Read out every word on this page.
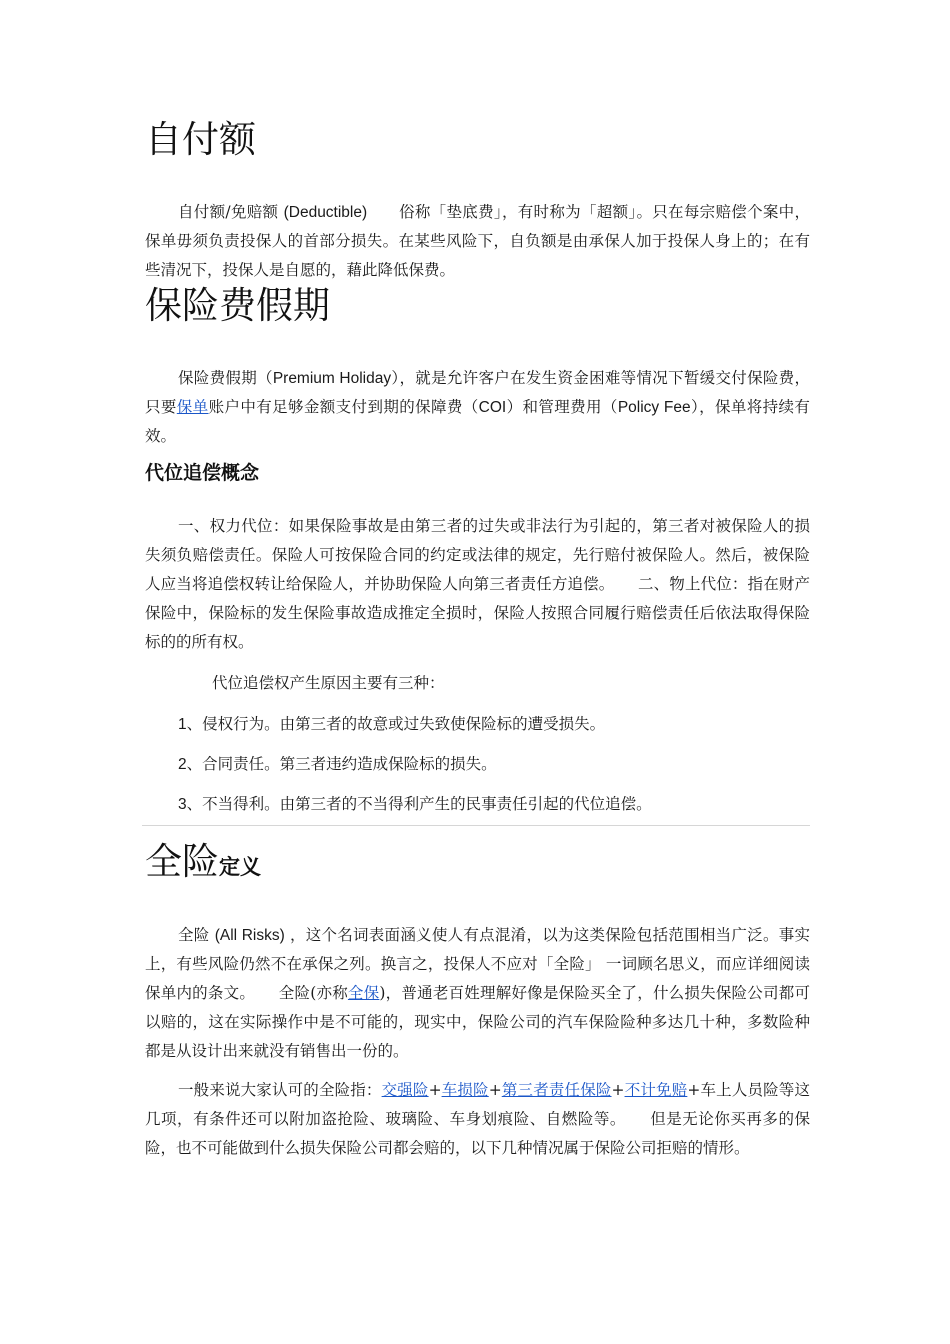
自付额

自付额/免赔额 (Deductible)　　俗称「垫底费」，有时称为「超额」。只在每宗赔偿个案中，保单毋须负责投保人的首部分损失。在某些风险下，自负额是由承保人加于投保人身上的；在有些清况下，投保人是自愿的，藉此降低保费。

保险费假期

保险费假期（Premium Holiday），就是允许客户在发生资金困难等情况下暂缓交付保险费，只要保单账户中有足够金额支付到期的保障费（COI）和管理费用（Policy Fee），保单将持续有效。

代位追偿概念

一、权力代位：如果保险事故是由第三者的过失或非法行为引起的，第三者对被保险人的损失须负赔偿责任。保险人可按保险合同的约定或法律的规定，先行赔付被保险人。然后，被保险人应当将追偿权转让给保险人，并协助保险人向第三者责任方追偿。　　二、物上代位：指在财产保险中，保险标的发生保险事故造成推定全损时，保险人按照合同履行赔偿责任后依法取得保险标的的所有权。

代位追偿权产生原因主要有三种：

1、侵权行为。由第三者的故意或过失致使保险标的遭受损失。

2、合同责任。第三者违约造成保险标的损失。

3、不当得利。由第三者的不当得利产生的民事责任引起的代位追偿。

全险定义

全险 (All Risks) ，这个名词表面涵义使人有点混淆，以为这类保险包括范围相当广泛。事实上，有些风险仍然不在承保之列。换言之，投保人不应对「全险」 一词顾名思义，而应详细阅读保单内的条文。　　全险(亦称全保)，普通老百姓理解好像是保险买全了，什么损失保险公司都可以赔的，这在实际操作中是不可能的，现实中，保险公司的汽车保险险种多达几十种，多数险种都是从设计出来就没有销售出一份的。

一般来说大家认可的全险指：交强险+车损险+第三者责任保险+不计免赔+车上人员险等这几项，有条件还可以附加盗抢险、玻璃险、车身划痕险、自燃险等。　　但是无论你买再多的保险，也不可能做到什么损失保险公司都会赔的，以下几种情况属于保险公司拒赔的情形。
